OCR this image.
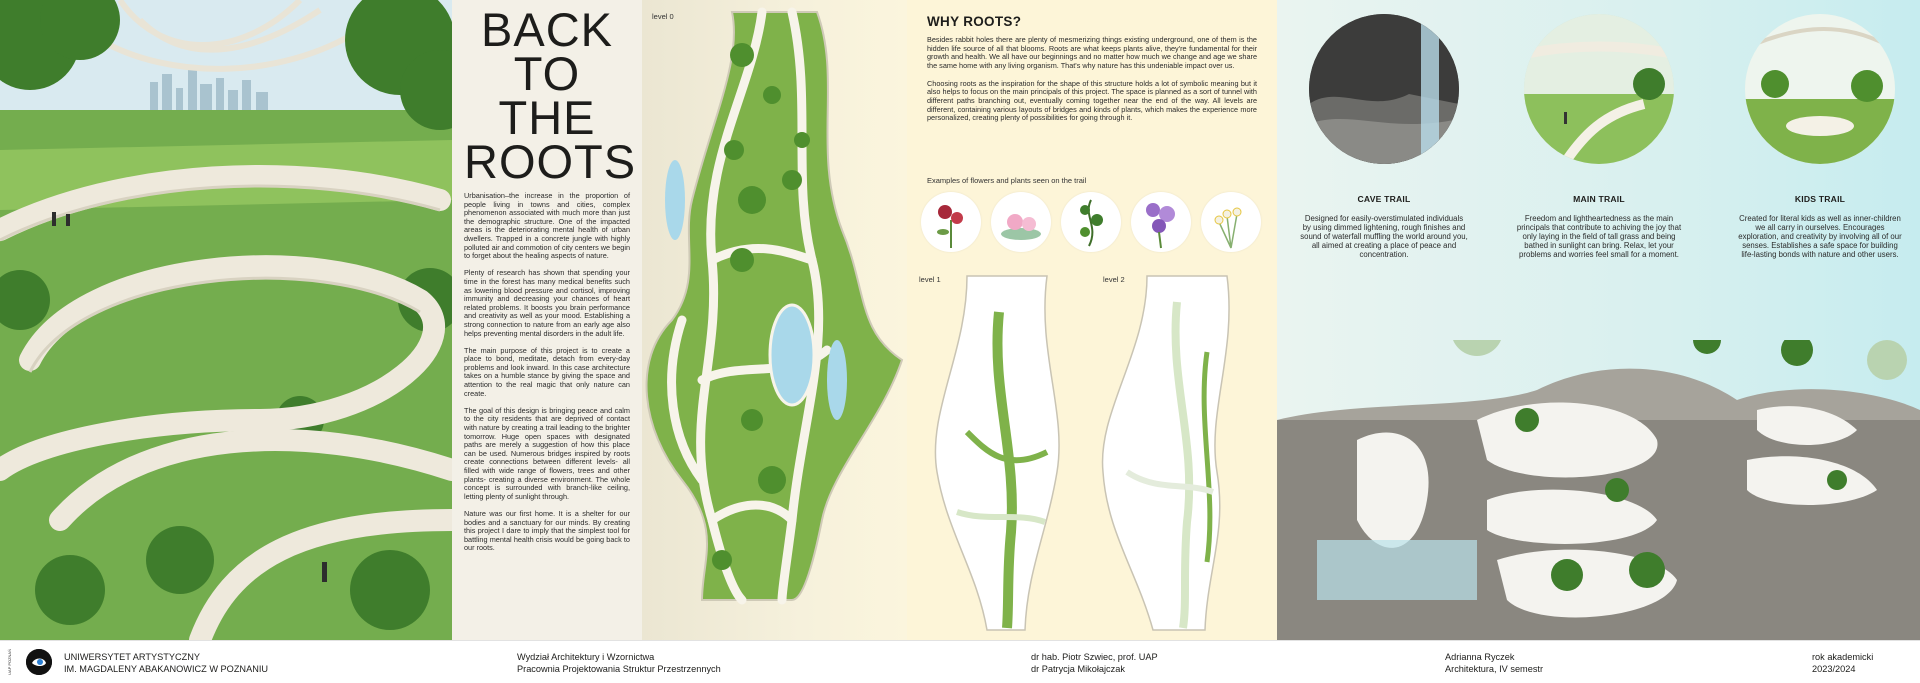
BACK
TO THE
ROOTS

Urbanisation–the increase in the proportion of people living in towns and cities, complex phenomenon associated with much more than just the demographic structure. One of the impacted areas is the deteriorating mental health of urban dwellers. Trapped in a concrete jungle with highly polluted air and commotion of city centers we begin to forget about the healing aspects of nature.

Plenty of research has shown that spending your time in the forest has many medical benefits such as lowering blood pressure and cortisol, improving immunity and decreasing your chances of heart related problems. It boosts you brain performance and creativity as well as your mood. Establishing a strong connection to nature from an early age also helps preventing mental disorders in the adult life.

The main purpose of this project is to create a place to bond, meditate, detach from every-day problems and look inward. In this case architecture takes on a humble stance by giving the space and attention to the real magic that only nature can create.

The goal of this design is bringing peace and calm to the city residents that are deprived of contact with nature by creating a trail leading to the brighter tomorrow. Huge open spaces with designated paths are merely a suggestion of how this place can be used. Numerous bridges inspired by roots create connections between different levels- all filled with wide range of flowers, trees and other plants- creating a diverse environment. The whole concept is surrounded with branch-like ceiling, letting plenty of sunlight through.

Nature was our first home. It is a shelter for our bodies and a sanctuary for our minds. By creating this project I dare to imply that the simplest tool for battling mental health crisis would be going back to our roots.

level 0	WHY ROOTS?

Besides rabbit holes there are plenty of mesmerizing things existing underground, one of them is the hidden life source of all that blooms. Roots are what keeps plants alive, they're fundamental for their growth and health. We all have our beginnings and no matter how much we change and age we share the same home with any living organism. That's why nature has this undeniable impact over us.

Choosing roots as the inspiration for the shape of this structure holds a lot of symbolic meaning but it also helps to focus on the main principals of this project. The space is planned as a sort of tunnel with different paths branching out, eventually coming together near the end of the way. All levels are different, containing various layouts of bridges and kinds of plants, which makes the experience more personalized, creating plenty of possibilities for going through it.

Examples of flowers and plants seen on the trail
level 1	level 2
CAVE TRAIL	MAIN TRAIL	KIDS TRAIL
Designed for easily-overstimulated individuals by using dimmed lightening, rough finishes and sound of waterfall muffling the world around you, all aimed at creating a place of peace and concentration.
Freedom and lightheartedness as the main principals that contribute to achiving the joy that only laying in the field of tall grass and being bathed in sunlight can bring. Relax, let your problems and worries feel small for a moment.
Created for literal kids as well as inner-children we all carry in ourselves. Encourages exploration, and creativity by involving all of our senses. Establishes a safe space for building life-lasting bonds with nature and other users.
UAP POZNAŃ	UNIWERSYTET ARTYSTYCZNY
IM. MAGDALENY ABAKANOWICZ W POZNANIU
Wydział Architektury i Wzornictwa
Pracownia Projektowania Struktur Przestrzennych
dr hab. Piotr Szwiec, prof. UAP
dr Patrycja Mikołajczak
Adrianna Ryczek
Architektura, IV semestr
rok akademicki
2023/2024
